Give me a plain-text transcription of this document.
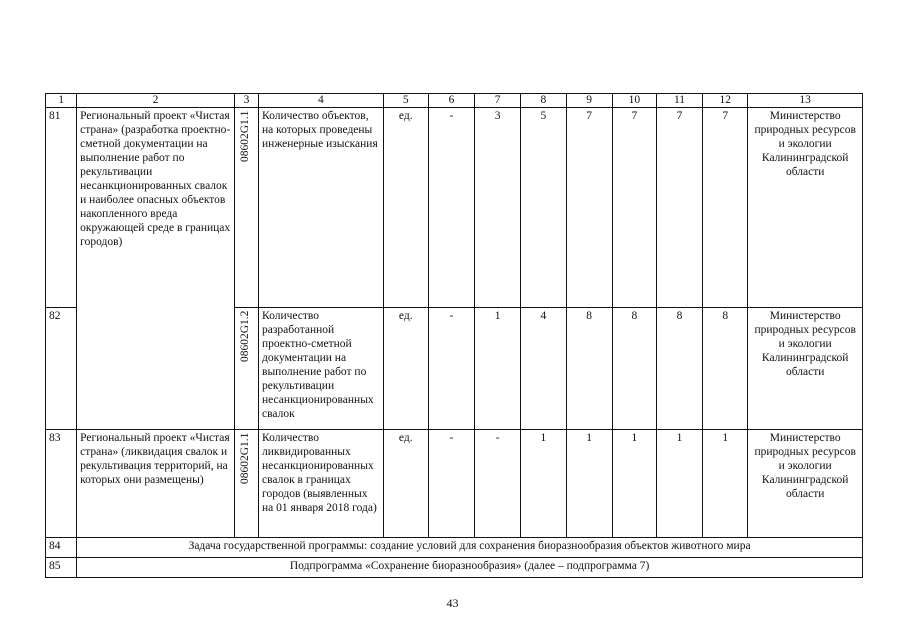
1	2	3	4	5	6	7	8	9	10	11	12	13
81	Региональный проект «Чистая страна» (разработка проектно-сметной документации на выполнение работ по рекультивации несанкционированных свалок и наиболее опасных объектов накопленного вреда окружающей среде в границах городов)	08602G1.1	Количество объектов, на которых проведены инженерные изыскания	ед.	-	3	5	7	7	7	7	Министерство природных ресурсов и экологии Калининградской области
82		08602G1.2	Количество разработанной проектно-сметной документации на выполнение работ по рекультивации несанкционированных свалок	ед.	-	1	4	8	8	8	8	Министерство природных ресурсов и экологии Калининградской области
83	Региональный проект «Чистая страна» (ликвидация свалок и рекультивация территорий, на которых они размещены)	08602G1.1	Количество ликвидированных несанкционированных свалок в границах городов (выявленных на 01 января 2018 года)	ед.	-	-	1	1	1	1	1	Министерство природных ресурсов и экологии Калининградской области
84	Задача государственной программы: создание условий для сохранения биоразнообразия объектов животного мира											
85	Подпрограмма «Сохранение биоразнообразия» (далее – подпрограмма 7)											
43
